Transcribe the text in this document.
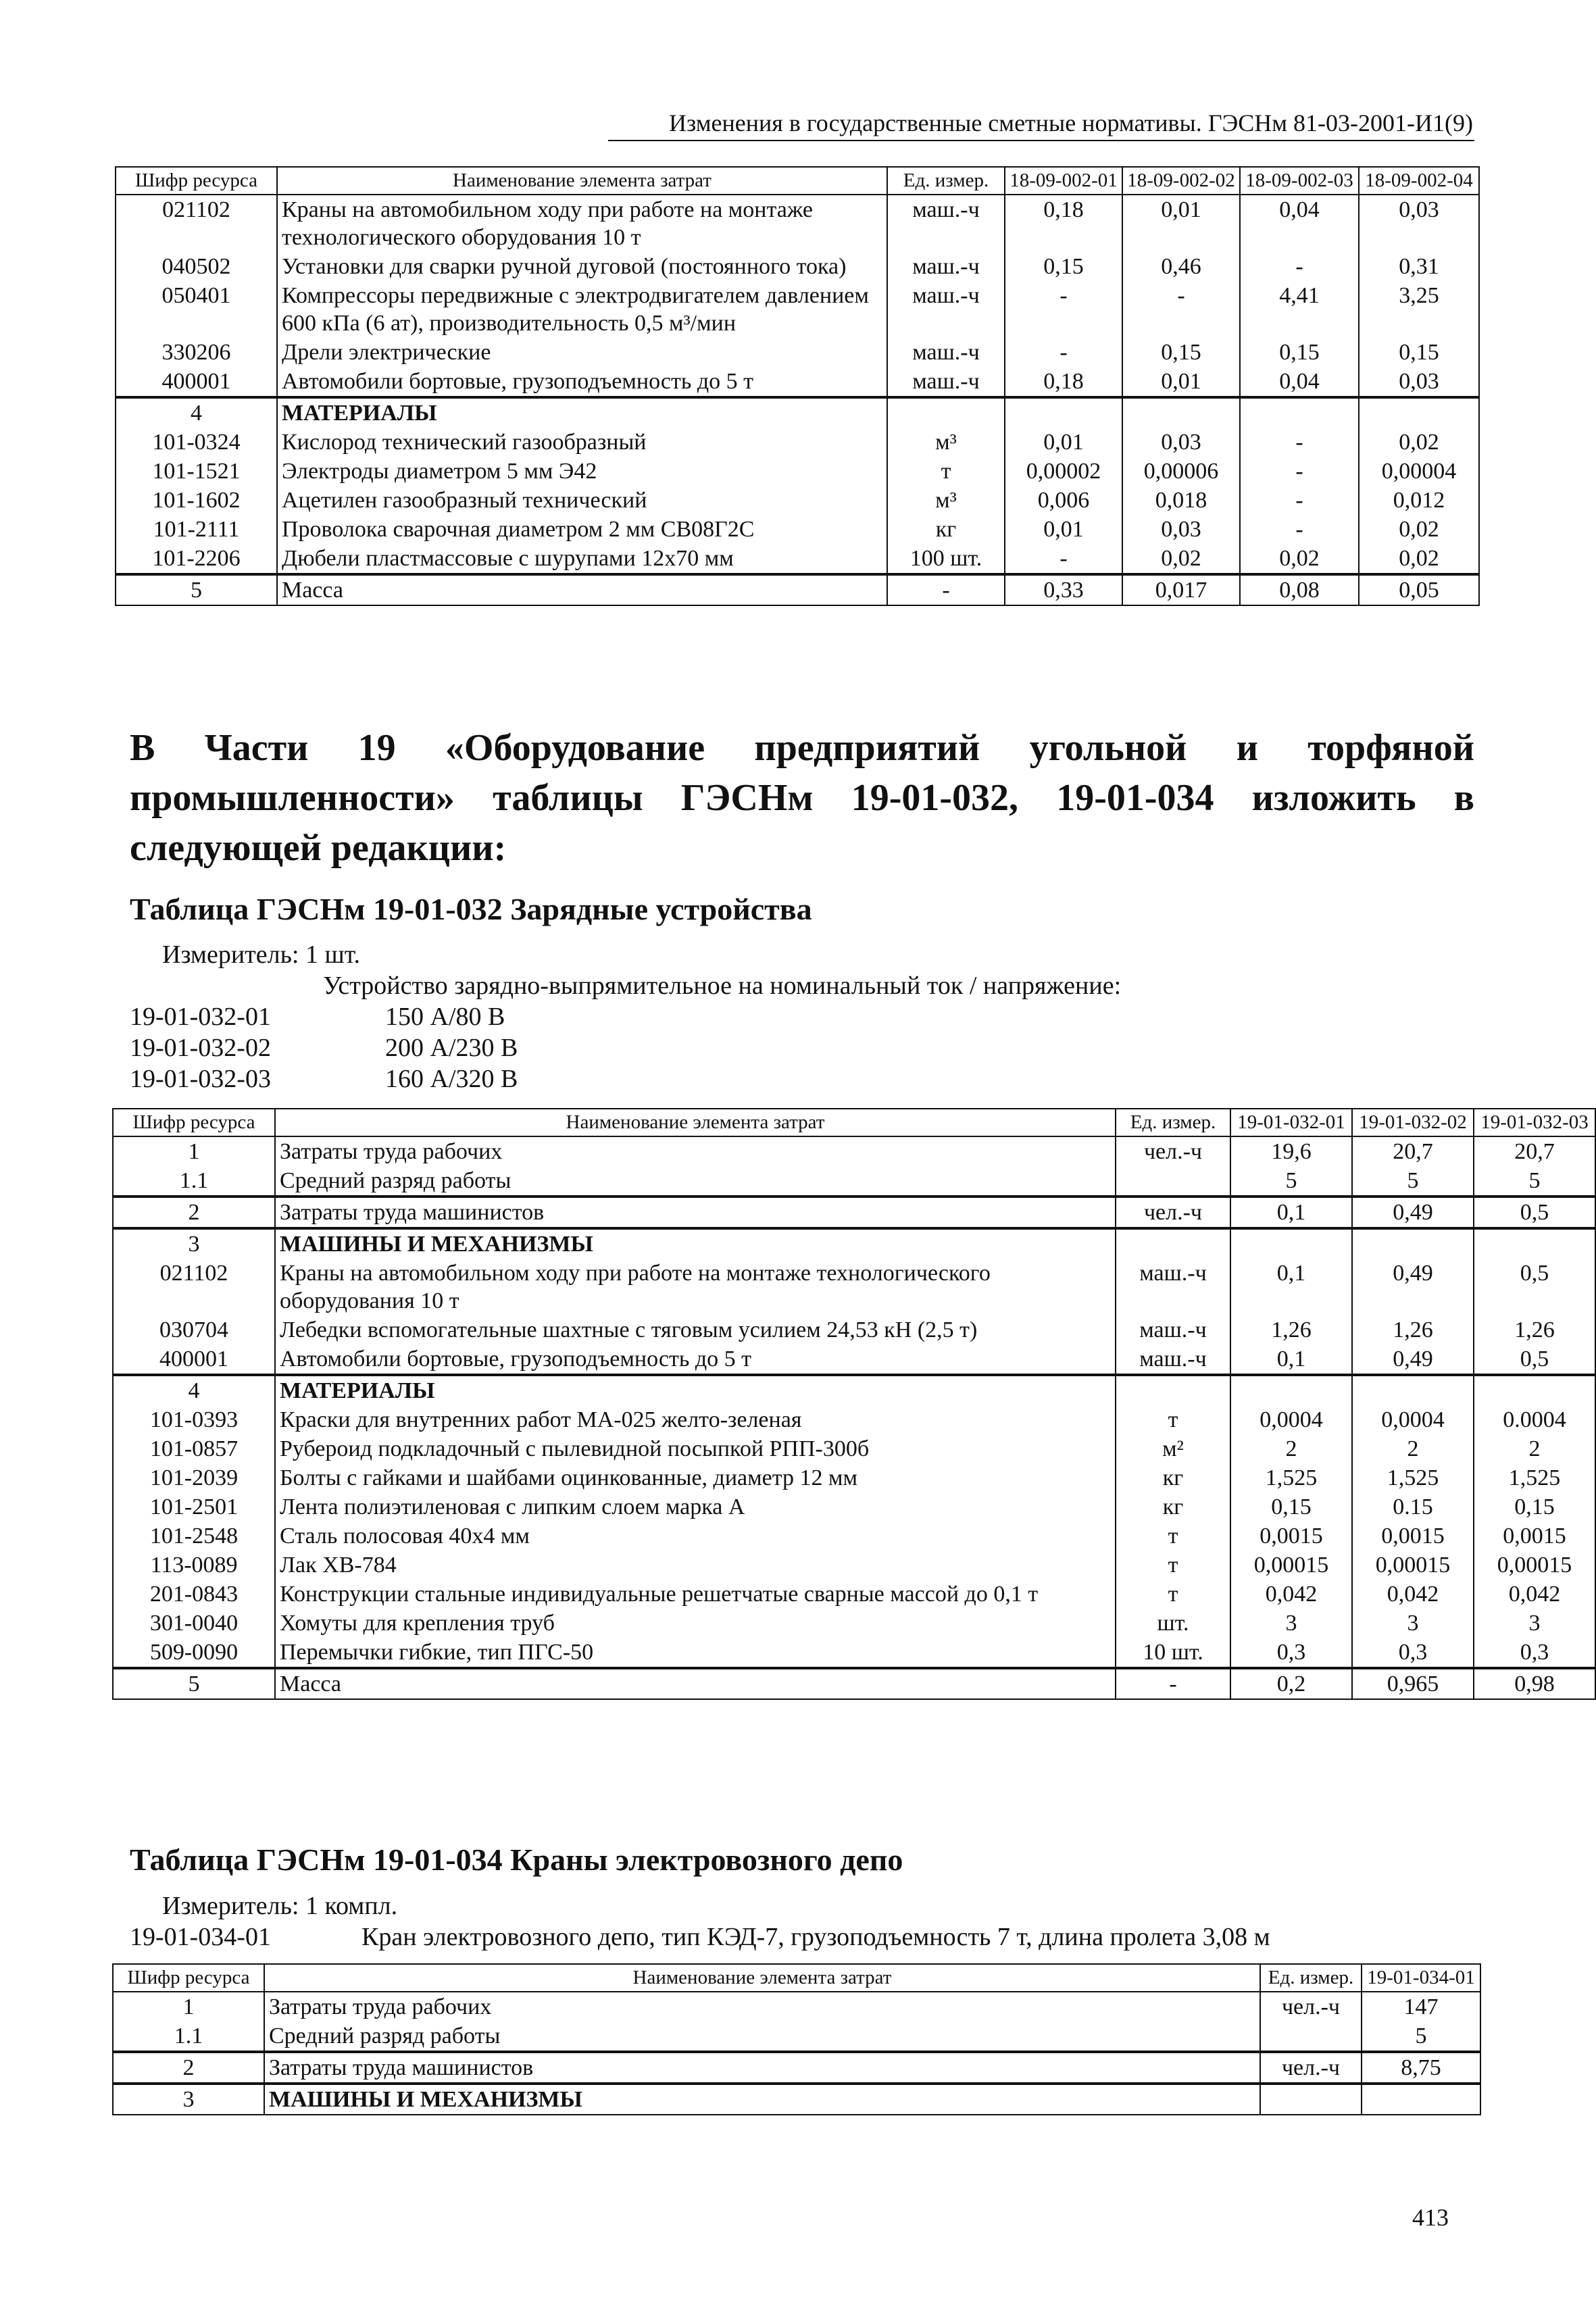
Изменения в государственные сметные нормативы. ГЭСНм 81-03-2001-И1(9)
Шифр ресурса	Наименование элемента затрат	Ед. измер.	18-09-002-01	18-09-002-02	18-09-002-03	18-09-002-04
021102	Краны на автомобильном ходу при работе на монтаже технологического оборудования 10 т	маш.-ч	0,18	0,01	0,04	0,03
040502	Установки для сварки ручной дуговой (постоянного тока)	маш.-ч	0,15	0,46	-	0,31
050401	Компрессоры передвижные с электродвигателем давлением 600 кПа (6 ат), производительность 0,5 м³/мин	маш.-ч	-	-	4,41	3,25
330206	Дрели электрические	маш.-ч	-	0,15	0,15	0,15
400001	Автомобили бортовые, грузоподъемность до 5 т	маш.-ч	0,18	0,01	0,04	0,03
4	МАТЕРИАЛЫ					
101-0324	Кислород технический газообразный	м³	0,01	0,03	-	0,02
101-1521	Электроды диаметром 5 мм Э42	т	0,00002	0,00006	-	0,00004
101-1602	Ацетилен газообразный технический	м³	0,006	0,018	-	0,012
101-2111	Проволока сварочная диаметром 2 мм СВ08Г2С	кг	0,01	0,03	-	0,02
101-2206	Дюбели пластмассовые с шурупами 12х70 мм	100 шт.	-	0,02	0,02	0,02
5	Масса	-	0,33	0,017	0,08	0,05
В Части 19 «Оборудование предприятий угольной и торфяной промышленности» таблицы ГЭСНм 19-01-032, 19-01-034 изложить в следующей редакции:
Таблица ГЭСНм 19-01-032 Зарядные устройства
Измеритель: 1 шт.
Устройство зарядно-выпрямительное на номинальный ток / напряжение:
19-01-032-01	150 А/80 В
19-01-032-02	200 А/230 В
19-01-032-03	160 А/320 В
Шифр ресурса	Наименование элемента затрат	Ед. измер.	19-01-032-01	19-01-032-02	19-01-032-03
1	Затраты труда рабочих	чел.-ч	19,6	20,7	20,7
1.1	Средний разряд работы		5	5	5
2	Затраты труда машинистов	чел.-ч	0,1	0,49	0,5
3	МАШИНЫ И МЕХАНИЗМЫ				
021102	Краны на автомобильном ходу при работе на монтаже технологического оборудования 10 т	маш.-ч	0,1	0,49	0,5
030704	Лебедки вспомогательные шахтные с тяговым усилием 24,53 кН (2,5 т)	маш.-ч	1,26	1,26	1,26
400001	Автомобили бортовые, грузоподъемность до 5 т	маш.-ч	0,1	0,49	0,5
4	МАТЕРИАЛЫ				
101-0393	Краски для внутренних работ МА-025 желто-зеленая	т	0,0004	0,0004	0.0004
101-0857	Рубероид подкладочный с пылевидной посыпкой РПП-300б	м²	2	2	2
101-2039	Болты с гайками и шайбами оцинкованные, диаметр 12 мм	кг	1,525	1,525	1,525
101-2501	Лента полиэтиленовая с липким слоем марка А	кг	0,15	0.15	0,15
101-2548	Сталь полосовая 40х4 мм	т	0,0015	0,0015	0,0015
113-0089	Лак ХВ-784	т	0,00015	0,00015	0,00015
201-0843	Конструкции стальные индивидуальные решетчатые сварные массой до 0,1 т	т	0,042	0,042	0,042
301-0040	Хомуты для крепления труб	шт.	3	3	3
509-0090	Перемычки гибкие, тип ПГС-50	10 шт.	0,3	0,3	0,3
5	Масса	-	0,2	0,965	0,98
Таблица ГЭСНм 19-01-034 Краны электровозного депо
Измеритель: 1 компл.
19-01-034-01	Кран электровозного депо, тип КЭД-7, грузоподъемность 7 т, длина пролета 3,08 м
Шифр ресурса	Наименование элемента затрат	Ед. измер.	19-01-034-01
1	Затраты труда рабочих	чел.-ч	147
1.1	Средний разряд работы		5
2	Затраты труда машинистов	чел.-ч	8,75
3	МАШИНЫ И МЕХАНИЗМЫ		
413
